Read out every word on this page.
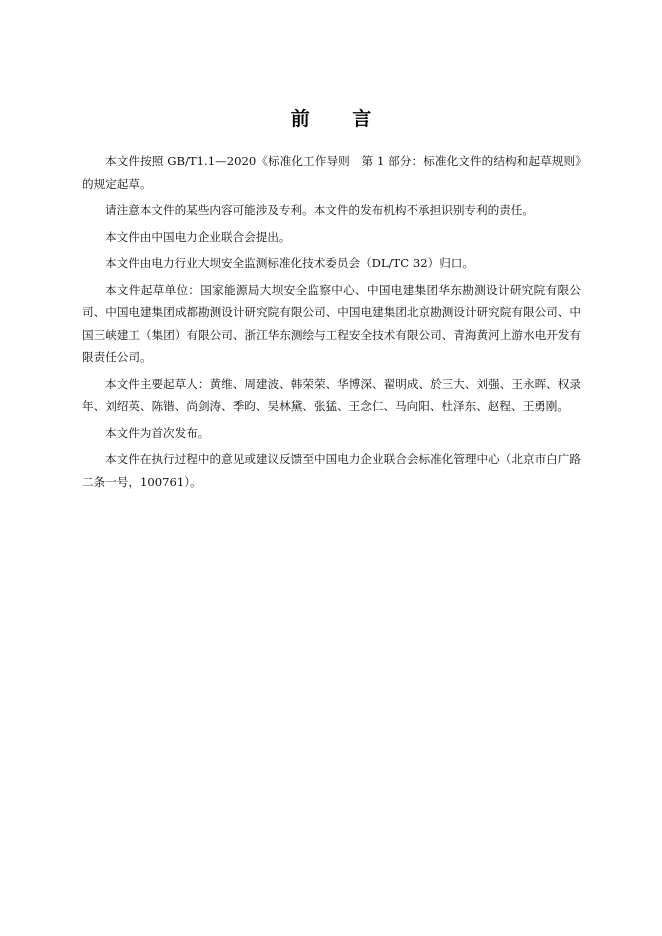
前 言

本文件按照 GB/T1.1—2020《标准化工作导则　第 1 部分：标准化文件的结构和起草规则》的规定起草。

请注意本文件的某些内容可能涉及专利。本文件的发布机构不承担识别专利的责任。

本文件由中国电力企业联合会提出。

本文件由电力行业大坝安全监测标准化技术委员会（DL/TC 32）归口。

本文件起草单位：国家能源局大坝安全监察中心、中国电建集团华东勘测设计研究院有限公司、中国电建集团成都勘测设计研究院有限公司、中国电建集团北京勘测设计研究院有限公司、中国三峡建工（集团）有限公司、浙江华东测绘与工程安全技术有限公司、青海黄河上游水电开发有限责任公司。

本文件主要起草人：黄维、周建波、韩荣荣、华博深、翟明成、於三大、刘强、王永晖、权录年、刘绍英、陈锴、尚剑涛、季昀、吴林黛、张猛、王念仁、马向阳、杜泽东、赵程、王勇刚。

本文件为首次发布。

本文件在执行过程中的意见或建议反馈至中国电力企业联合会标准化管理中心（北京市白广路二条一号，100761）。
